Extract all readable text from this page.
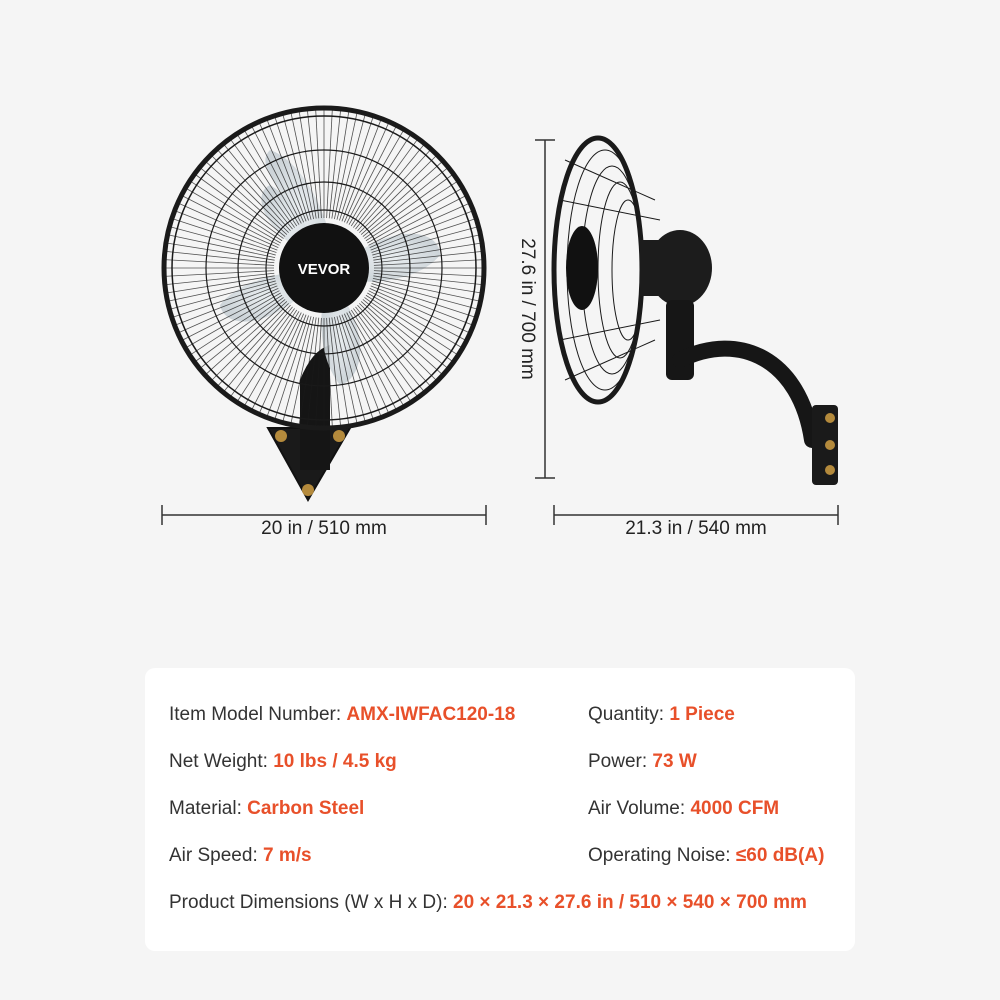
VEVOR
20 in / 510 mm	21.3 in / 540 mm
27.6 in / 700 mm
Item Model Number: AMX-IWFAC120-18	Quantity: 1 Piece
Net Weight: 10 lbs / 4.5 kg	Power: 73 W
Material: Carbon Steel	Air Volume: 4000 CFM
Air Speed: 7 m/s	Operating Noise: ≤60 dB(A)
Product Dimensions (W x H x D): 20 × 21.3 × 27.6 in / 510 × 540 × 700 mm
